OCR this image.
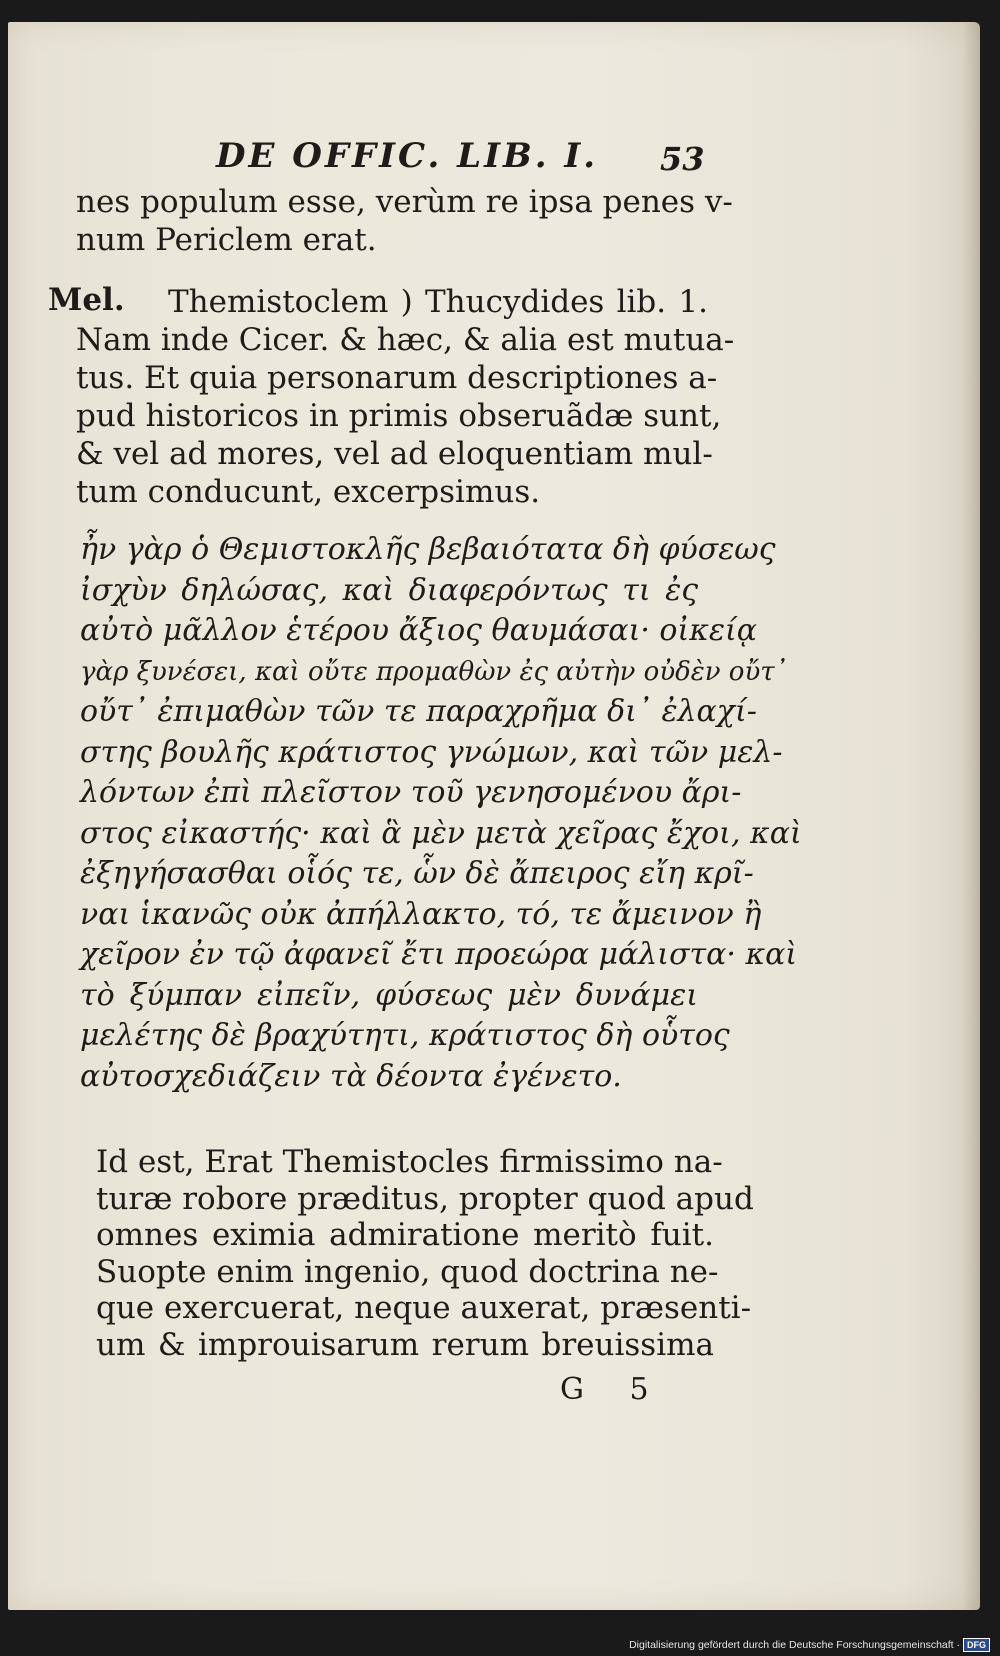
DE OFFIC. LIB. I. 53
nes populum esse, verùm re ipsa penes v-
num Periclem erat.
Mel.	Themistoclem ) Thucydides lib. 1.
Nam inde Cicer. & hæc, & alia est mutua-
tus. Et quia personarum descriptiones a-
pud historicos in primis obseruãdæ sunt,
& vel ad mores, vel ad eloquentiam mul-
tum conducunt, excerpsimus.
ἦν γὰρ ὁ Θεμιστοκλῆς βεβαιότατα δὴ φύσεως
ἰσχὺν δηλώσας, καὶ διαφερόντως τι ἐς
αὐτὸ μᾶλλον ἑτέρου ἄξιος θαυμάσαι· οἰκείᾳ
γὰρ ξυνέσει, καὶ οὔτε προμαθὼν ἐς αὐτὴν οὐδὲν οὔτ᾽
οὔτ᾽ ἐπιμαθὼν τῶν τε παραχρῆμα δι᾽ ἐλαχί-
στης βουλῆς κράτιστος γνώμων, καὶ τῶν μελ-
λόντων ἐπὶ πλεῖστον τοῦ γενησομένου ἄρι-
στος εἰκαστής· καὶ ἃ μὲν μετὰ χεῖρας ἔχοι, καὶ
ἐξηγήσασθαι οἷός τε, ὧν δὲ ἄπειρος εἴη κρῖ-
ναι ἱκανῶς οὐκ ἀπήλλακτο, τό, τε ἄμεινον ἢ
χεῖρον ἐν τῷ ἀφανεῖ ἔτι προεώρα μάλιστα· καὶ
τὸ ξύμπαν εἰπεῖν, φύσεως μὲν δυνάμει
μελέτης δὲ βραχύτητι, κράτιστος δὴ οὗτος
αὐτοσχεδιάζειν τὰ δέοντα ἐγένετο.
Id est, Erat Themistocles firmissimo na-
turæ robore præditus, propter quod apud
omnes eximia admiratione meritò fuit.
Suopte enim ingenio, quod doctrina ne-
que exercuerat, neque auxerat, præsenti-
um & improuisarum rerum breuissima
G 5
Digitalisierung gefördert durch die Deutsche Forschungsgemeinschaft · DFG
